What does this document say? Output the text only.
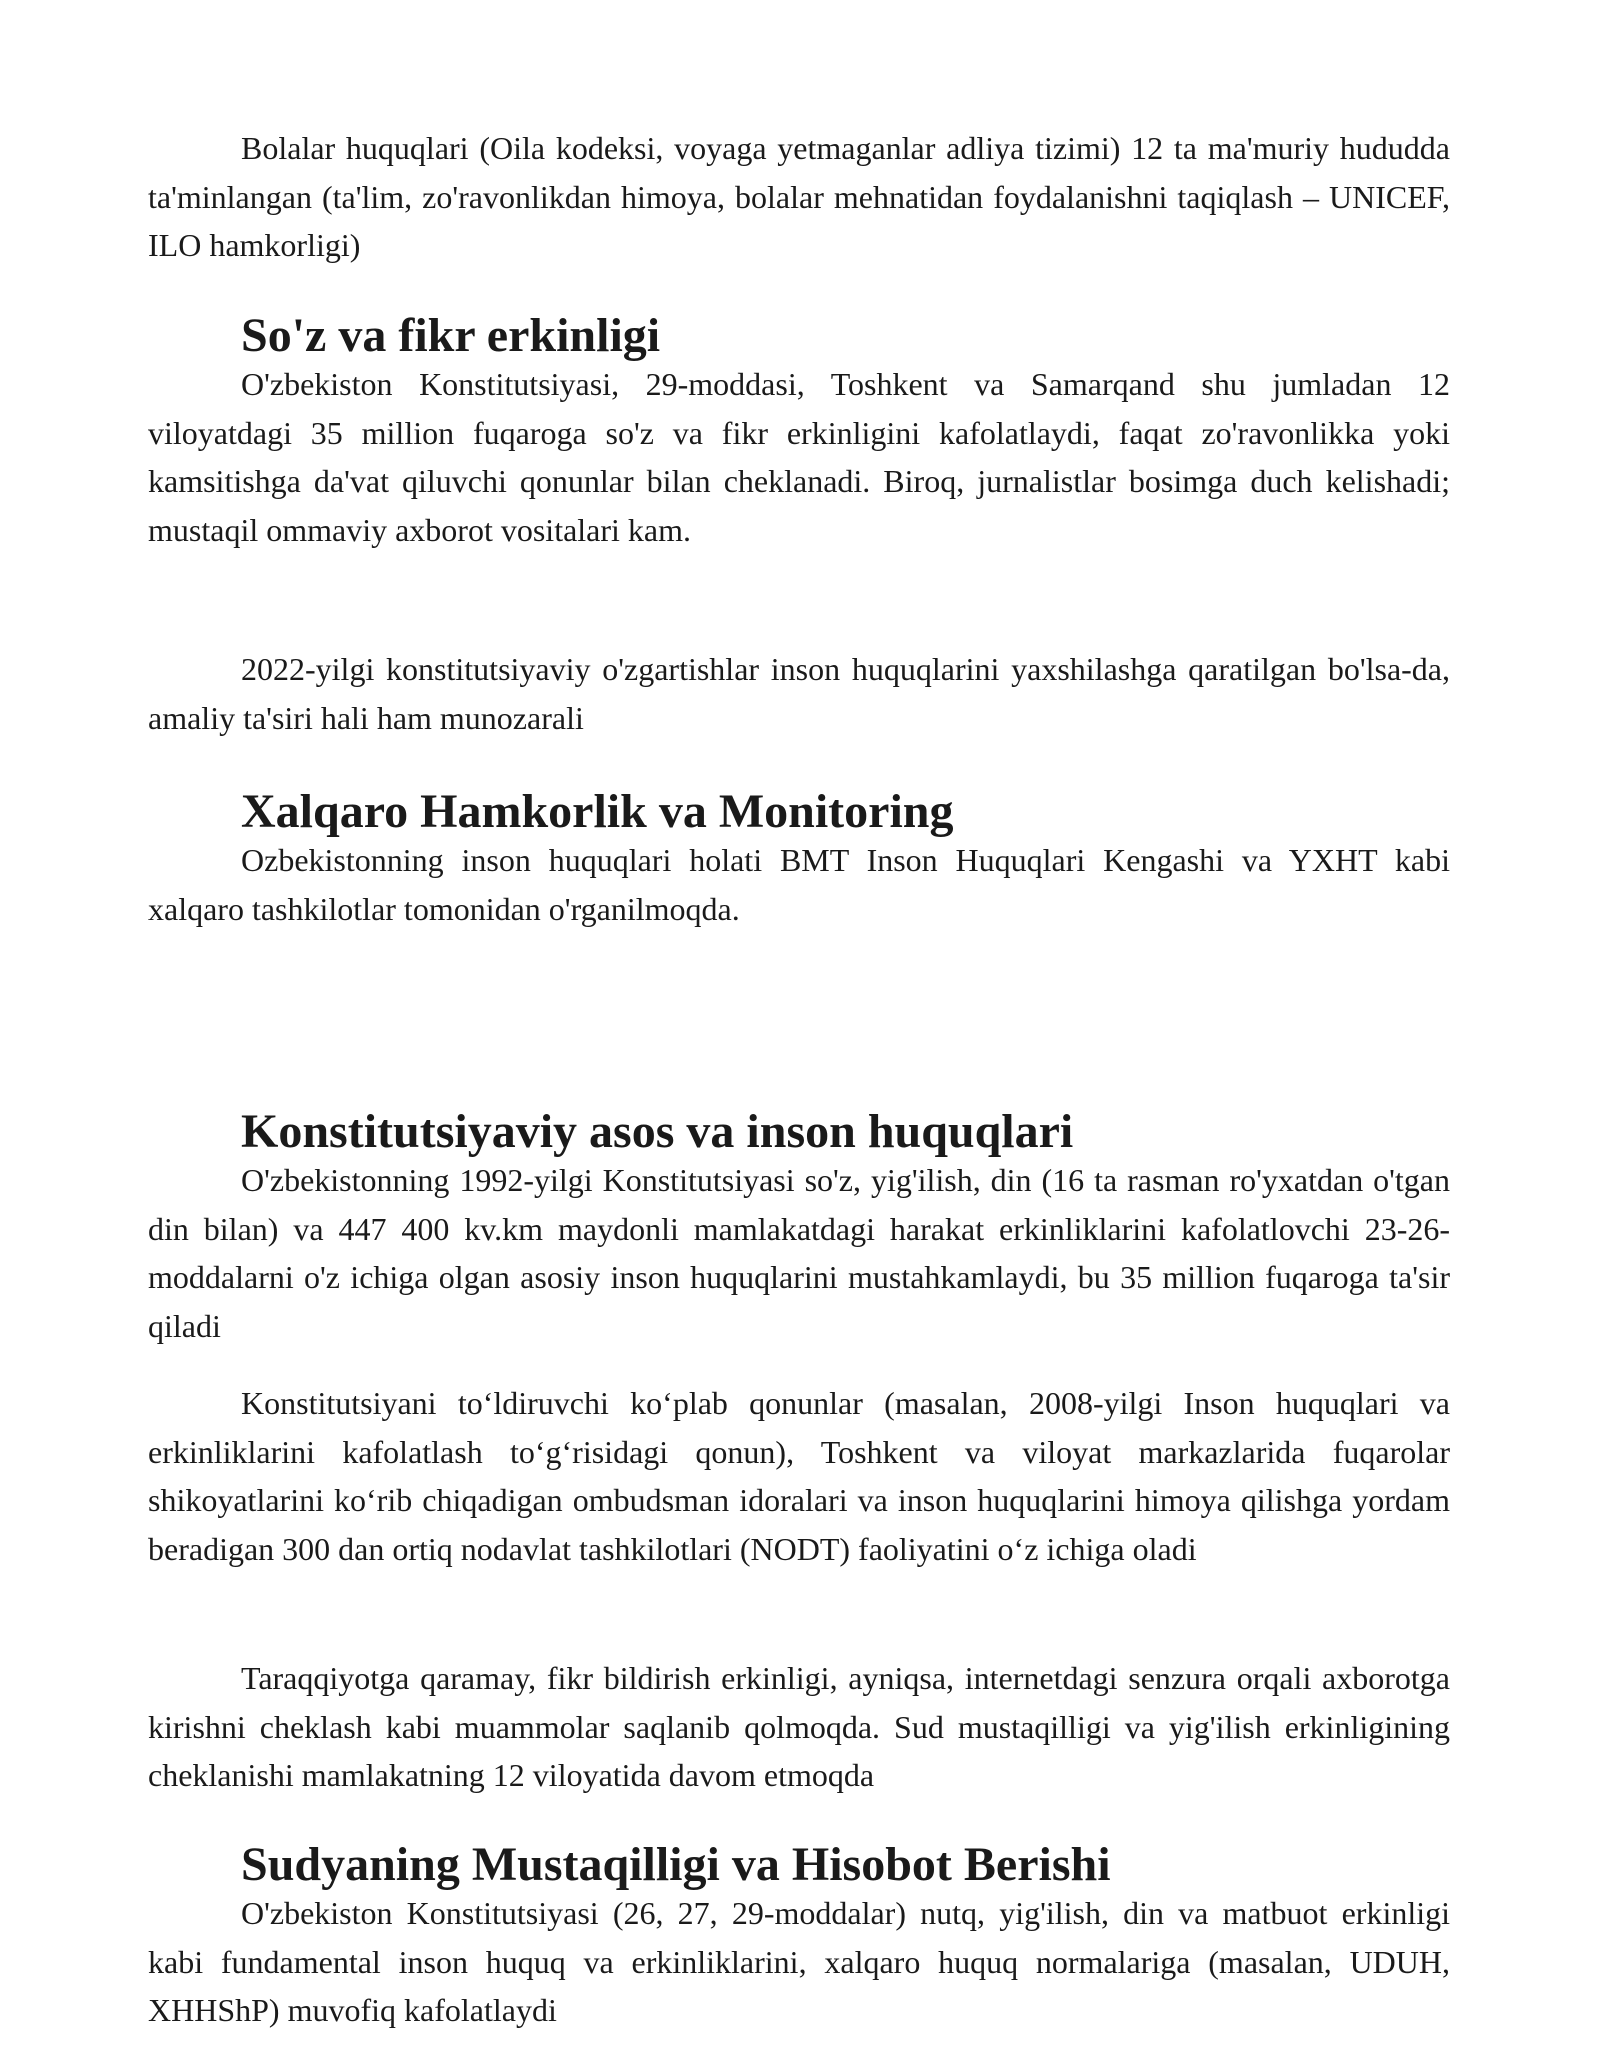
Bolalar huquqlari (Oila kodeksi, voyaga yetmaganlar adliya tizimi) 12 ta ma'muriy hududda ta'minlangan (ta'lim, zo'ravonlikdan himoya, bolalar mehnatidan foydalanishni taqiqlash – UNICEF, ILO hamkorligi)

So'z va fikr erkinligi

O'zbekiston Konstitutsiyasi, 29-moddasi, Toshkent va Samarqand shu jumladan 12 viloyatdagi 35 million fuqaroga so'z va fikr erkinligini kafolatlaydi, faqat zo'ravonlikka yoki kamsitishga da'vat qiluvchi qonunlar bilan cheklanadi. Biroq, jurnalistlar bosimga duch kelishadi; mustaqil ommaviy axborot vositalari kam.

2022-yilgi konstitutsiyaviy o'zgartishlar inson huquqlarini yaxshilashga qaratilgan bo'lsa-da, amaliy ta'siri hali ham munozarali

Xalqaro Hamkorlik va Monitoring

Ozbekistonning inson huquqlari holati BMT Inson Huquqlari Kengashi va YXHT kabi xalqaro tashkilotlar tomonidan o'rganilmoqda.

Konstitutsiyaviy asos va inson huquqlari

O'zbekistonning 1992-yilgi Konstitutsiyasi so'z, yig'ilish, din (16 ta rasman ro'yxatdan o'tgan din bilan) va 447 400 kv.km maydonli mamlakatdagi harakat erkinliklarini kafolatlovchi 23-26-moddalarni o'z ichiga olgan asosiy inson huquqlarini mustahkamlaydi, bu 35 million fuqaroga ta'sir qiladi

Konstitutsiyani to‘ldiruvchi ko‘plab qonunlar (masalan, 2008-yilgi Inson huquqlari va erkinliklarini kafolatlash to‘g‘risidagi qonun), Toshkent va viloyat markazlarida fuqarolar shikoyatlarini ko‘rib chiqadigan ombudsman idoralari va inson huquqlarini himoya qilishga yordam beradigan 300 dan ortiq nodavlat tashkilotlari (NODT) faoliyatini o‘z ichiga oladi

Taraqqiyotga qaramay, fikr bildirish erkinligi, ayniqsa, internetdagi senzura orqali axborotga kirishni cheklash kabi muammolar saqlanib qolmoqda. Sud mustaqilligi va yig'ilish erkinligining cheklanishi mamlakatning 12 viloyatida davom etmoqda

Sudyaning Mustaqilligi va Hisobot Berishi

O'zbekiston Konstitutsiyasi (26, 27, 29-moddalar) nutq, yig'ilish, din va matbuot erkinligi kabi fundamental inson huquq va erkinliklarini, xalqaro huquq normalariga (masalan, UDUH, XHHShP) muvofiq kafolatlaydi
